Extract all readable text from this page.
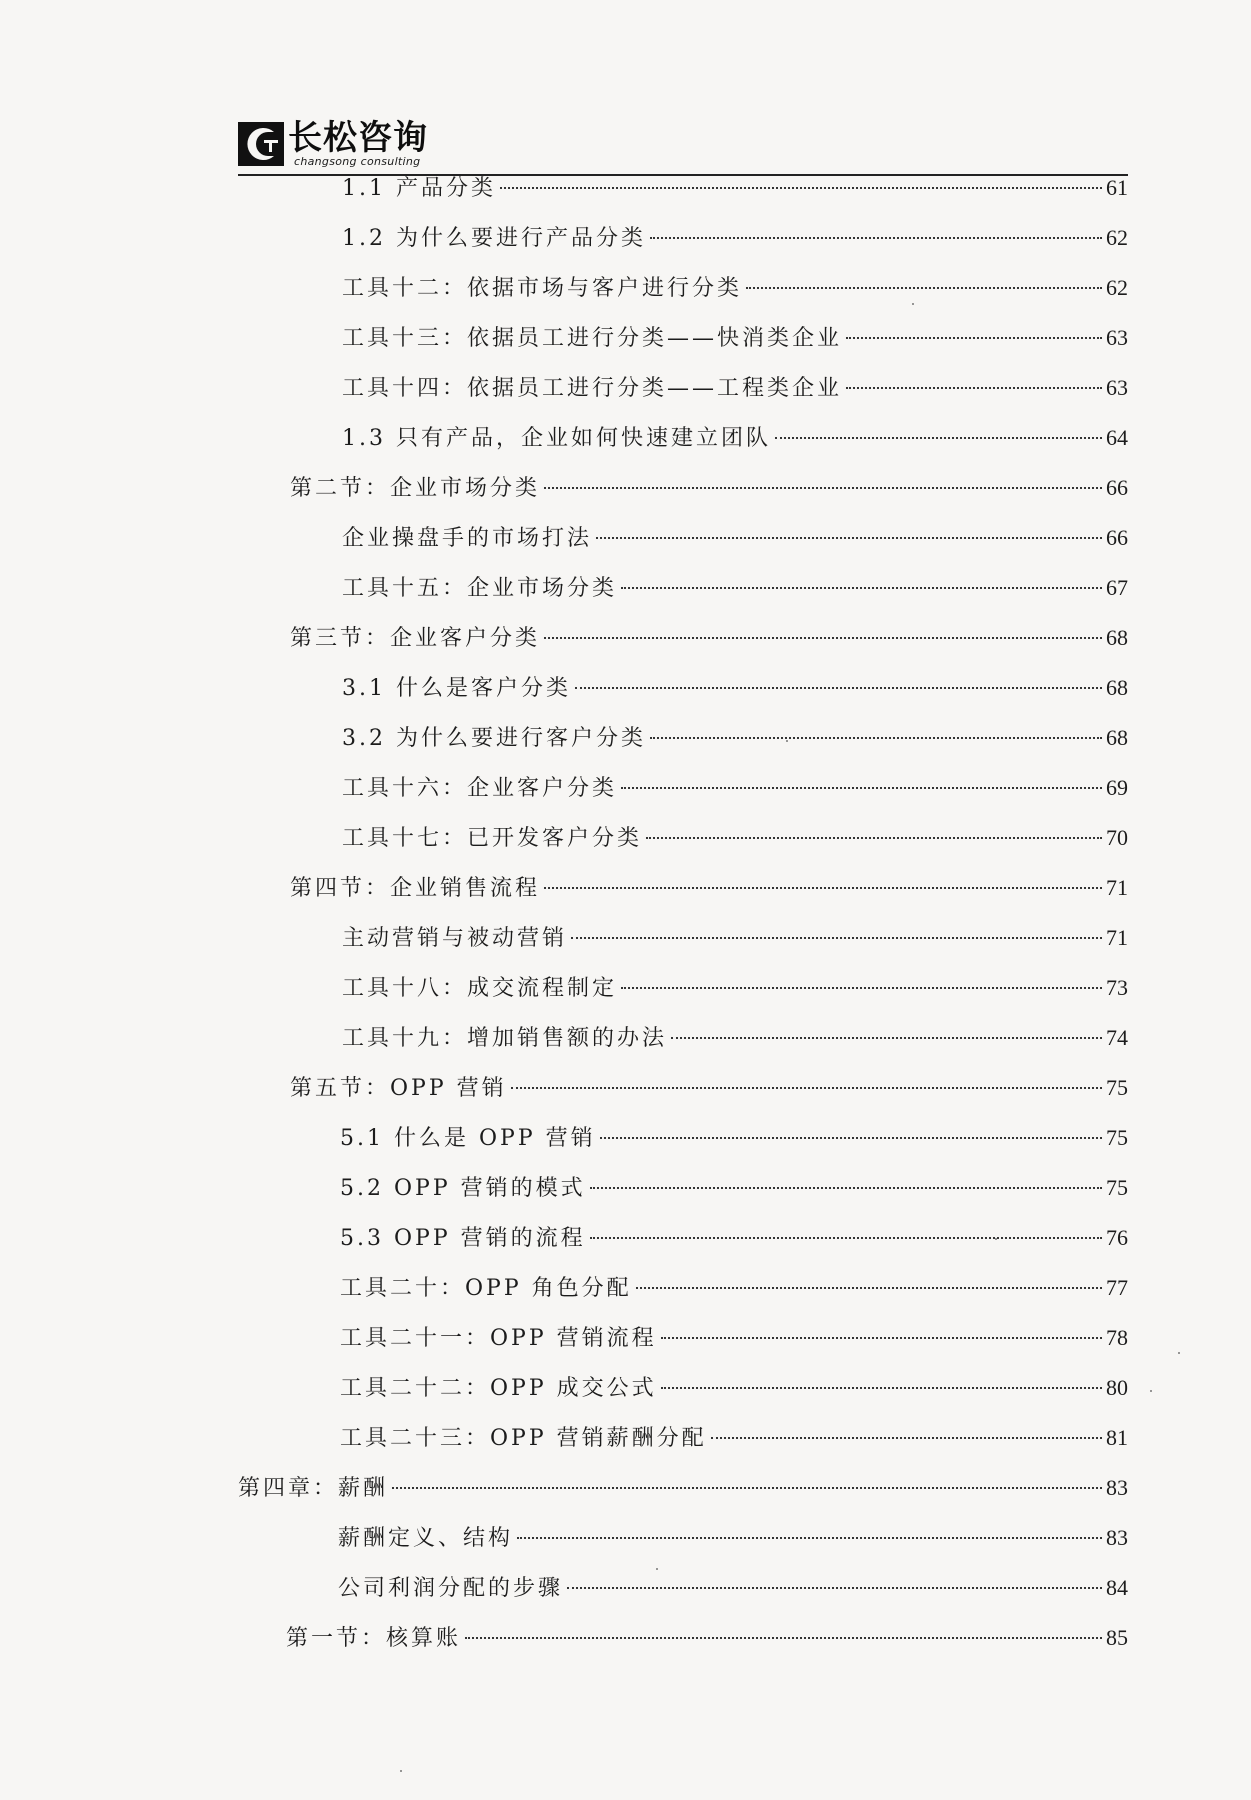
长松咨询
changsong consulting
1.1 产品分类	61
1.2 为什么要进行产品分类	62
工具十二：依据市场与客户进行分类	62
工具十三：依据员工进行分类——快消类企业	63
工具十四：依据员工进行分类——工程类企业	63
1.3 只有产品，企业如何快速建立团队	64
第二节：企业市场分类	66
企业操盘手的市场打法	66
工具十五：企业市场分类	67
第三节：企业客户分类	68
3.1 什么是客户分类	68
3.2 为什么要进行客户分类	68
工具十六：企业客户分类	69
工具十七：已开发客户分类	70
第四节：企业销售流程	71
主动营销与被动营销	71
工具十八：成交流程制定	73
工具十九：增加销售额的办法	74
第五节：OPP 营销	75
5.1 什么是 OPP 营销	75
5.2 OPP 营销的模式	75
5.3 OPP 营销的流程	76
工具二十：OPP 角色分配	77
工具二十一：OPP 营销流程	78
工具二十二：OPP 成交公式	80
工具二十三：OPP 营销薪酬分配	81
第四章：薪酬	83
薪酬定义、结构	83
公司利润分配的步骤	84
第一节：核算账	85
